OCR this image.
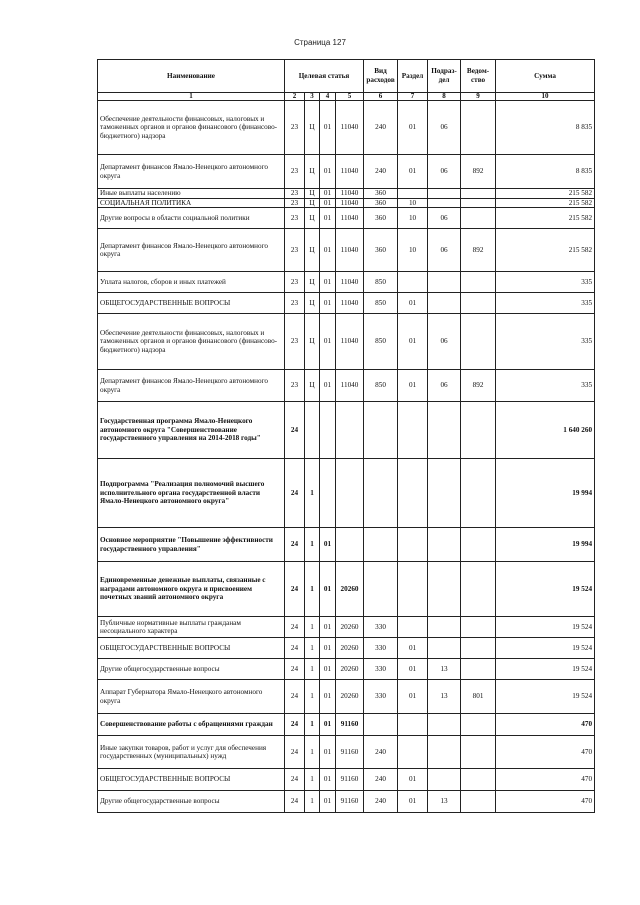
Страница 127
Наименование	Целевая статья				Вид расходов	Раздел	Подраз-дел	Ведом-ство	Сумма
1	2	3	4	5	6	7	8	9	10
Обеспечение деятельности финансовых, налоговых и таможенных органов и органов финансового (финансово-бюджетного) надзора	23	Ц	01	11040	240	01	06		8 835
Департамент финансов Ямало-Ненецкого автономного округа	23	Ц	01	11040	240	01	06	892	8 835
Иные выплаты населению	23	Ц	01	11040	360				215 582
СОЦИАЛЬНАЯ ПОЛИТИКА	23	Ц	01	11040	360	10			215 582
Другие вопросы в области социальной политики	23	Ц	01	11040	360	10	06		215 582
Департамент финансов Ямало-Ненецкого автономного округа	23	Ц	01	11040	360	10	06	892	215 582
Уплата налогов, сборов и иных платежей	23	Ц	01	11040	850				335
ОБЩЕГОСУДАРСТВЕННЫЕ ВОПРОСЫ	23	Ц	01	11040	850	01			335
Обеспечение деятельности финансовых, налоговых и таможенных органов и органов финансового (финансово-бюджетного) надзора	23	Ц	01	11040	850	01	06		335
Департамент финансов Ямало-Ненецкого автономного округа	23	Ц	01	11040	850	01	06	892	335
Государственная программа Ямало-Ненецкого автономного округа "Совершенствование государственного управления на 2014-2018 годы"	24								1 640 260
Подпрограмма "Реализация полномочий высшего исполнительного органа государственной власти Ямало-Ненецкого автономного округа"	24	1							19 994
Основное мероприятие "Повышение эффективности государственного управления"	24	1	01						19 994
Единовременные денежные выплаты, связанные с наградами автономного округа и присвоением почетных званий автономного округа	24	1	01	20260					19 524
Публичные нормативные выплаты гражданам несоциального характера	24	1	01	20260	330				19 524
ОБЩЕГОСУДАРСТВЕННЫЕ ВОПРОСЫ	24	1	01	20260	330	01			19 524
Другие общегосударственные вопросы	24	1	01	20260	330	01	13		19 524
Аппарат Губернатора Ямало-Ненецкого автономного округа	24	1	01	20260	330	01	13	801	19 524
Совершенствование работы с обращениями граждан	24	1	01	91160					470
Иные закупки товаров, работ и услуг для обеспечения государственных (муниципальных) нужд	24	1	01	91160	240				470
ОБЩЕГОСУДАРСТВЕННЫЕ ВОПРОСЫ	24	1	01	91160	240	01			470
Другие общегосударственные вопросы	24	1	01	91160	240	01	13		470
